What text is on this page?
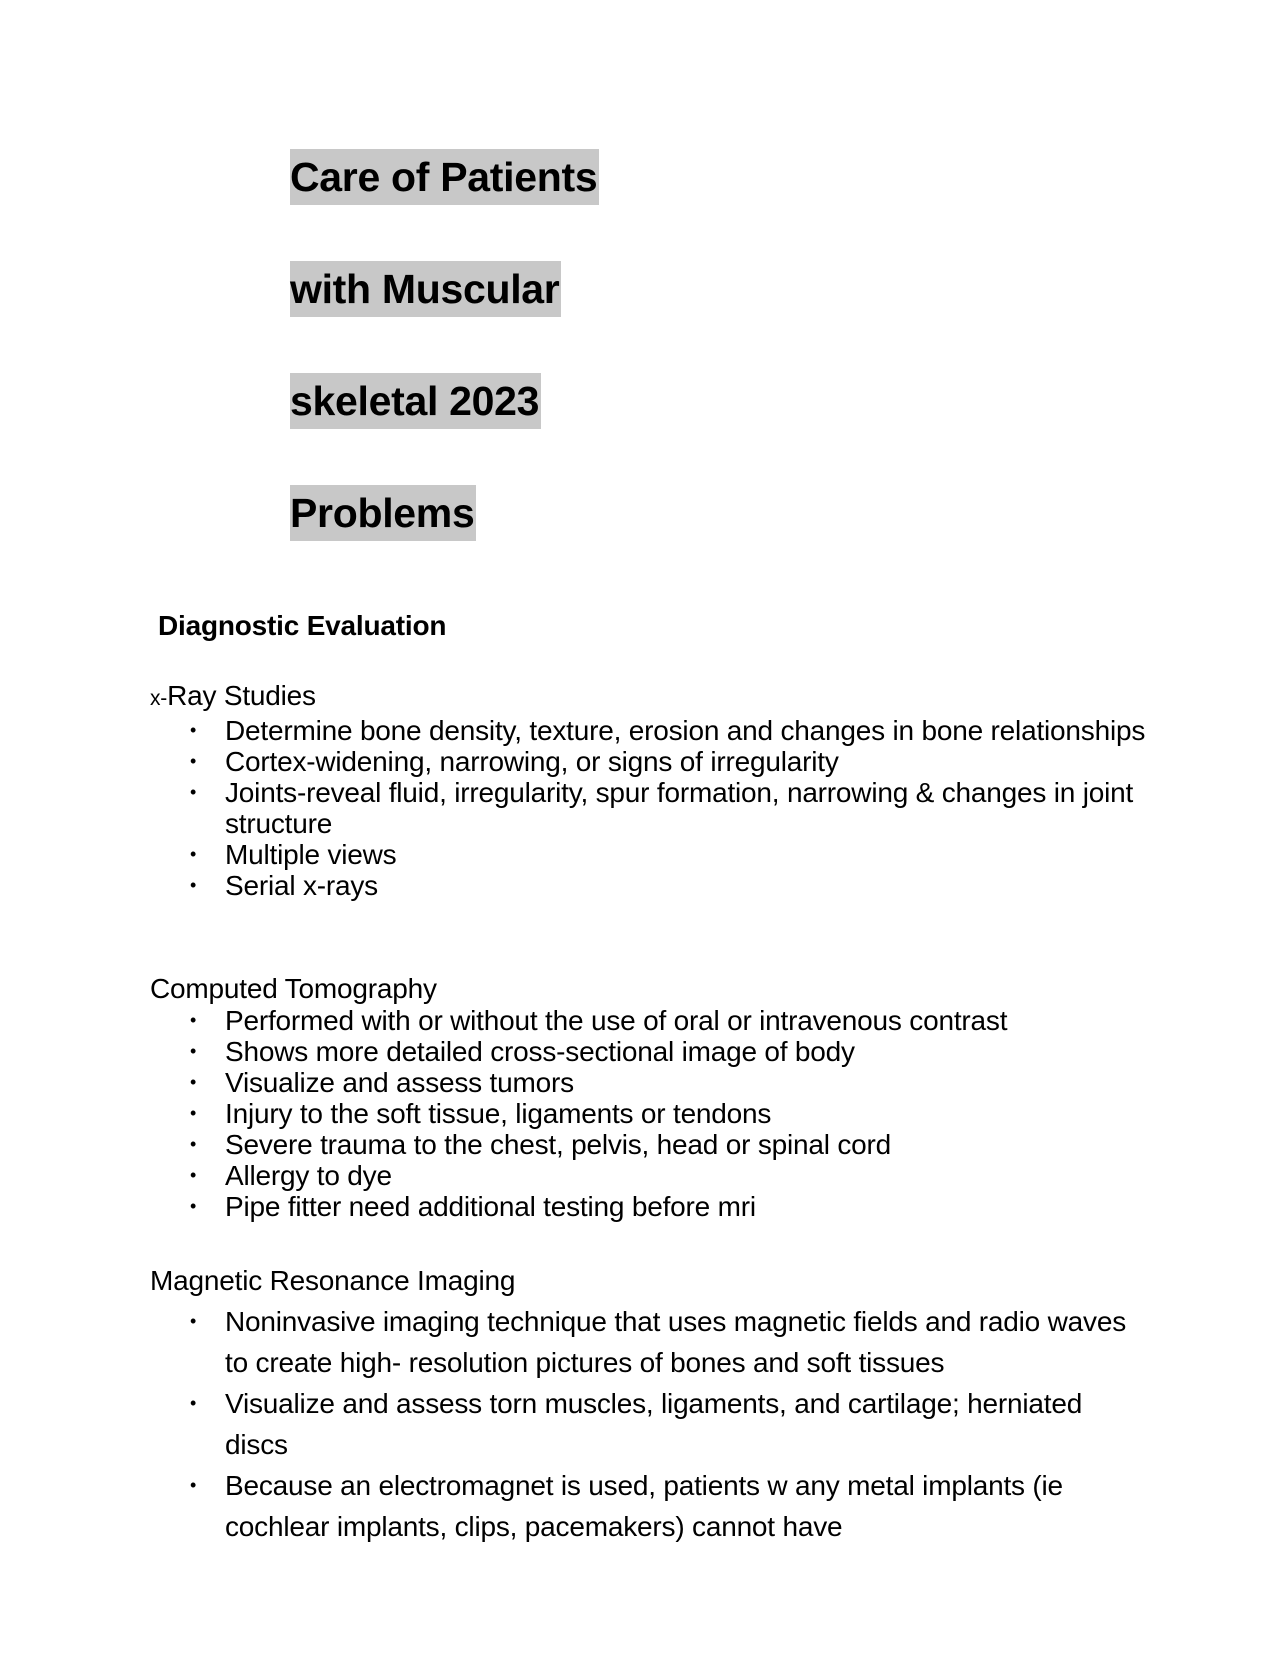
Care of Patients
with Muscular
skeletal 2023
Problems
Diagnostic Evaluation
x-Ray Studies
• Determine bone density, texture, erosion and changes in bone relationships
• Cortex-widening, narrowing, or signs of irregularity
• Joints-reveal fluid, irregularity, spur formation, narrowing & changes in joint structure
• Multiple views
• Serial x-rays
Computed Tomography
• Performed with or without the use of oral or intravenous contrast
• Shows more detailed cross-sectional image of body
• Visualize and assess tumors
• Injury to the soft tissue, ligaments or tendons
• Severe trauma to the chest, pelvis, head or spinal cord
• Allergy to dye
• Pipe fitter need additional testing before mri
Magnetic Resonance Imaging
• Noninvasive imaging technique that uses magnetic fields and radio waves to create high- resolution pictures of bones and soft tissues
• Visualize and assess torn muscles, ligaments, and cartilage; herniated discs
• Because an electromagnet is used, patients w any metal implants (ie cochlear implants, clips, pacemakers) cannot have
